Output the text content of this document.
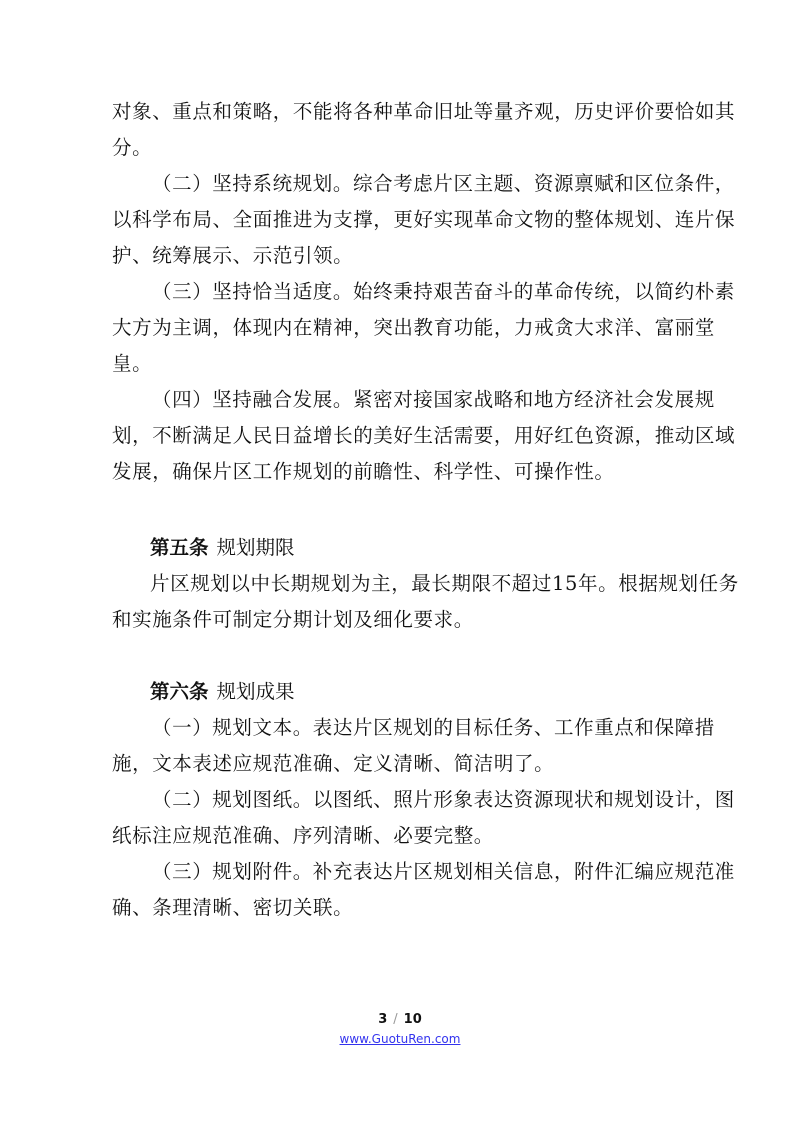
对象、重点和策略，不能将各种革命旧址等量齐观，历史评价要恰如其
分。
（二）坚持系统规划。综合考虑片区主题、资源禀赋和区位条件，
以科学布局、全面推进为支撑，更好实现革命文物的整体规划、连片保
护、统筹展示、示范引领。
（三）坚持恰当适度。始终秉持艰苦奋斗的革命传统，以简约朴素
大方为主调，体现内在精神，突出教育功能，力戒贪大求洋、富丽堂
皇。
（四）坚持融合发展。紧密对接国家战略和地方经济社会发展规
划，不断满足人民日益增长的美好生活需要，用好红色资源，推动区域
发展，确保片区工作规划的前瞻性、科学性、可操作性。
第五条 规划期限
片区规划以中长期规划为主，最长期限不超过15年。根据规划任务
和实施条件可制定分期计划及细化要求。
第六条 规划成果
（一）规划文本。表达片区规划的目标任务、工作重点和保障措
施，文本表述应规范准确、定义清晰、简洁明了。
（二）规划图纸。以图纸、照片形象表达资源现状和规划设计，图
纸标注应规范准确、序列清晰、必要完整。
（三）规划附件。补充表达片区规划相关信息，附件汇编应规范准
确、条理清晰、密切关联。
3 / 10
www.GuotuRen.com
